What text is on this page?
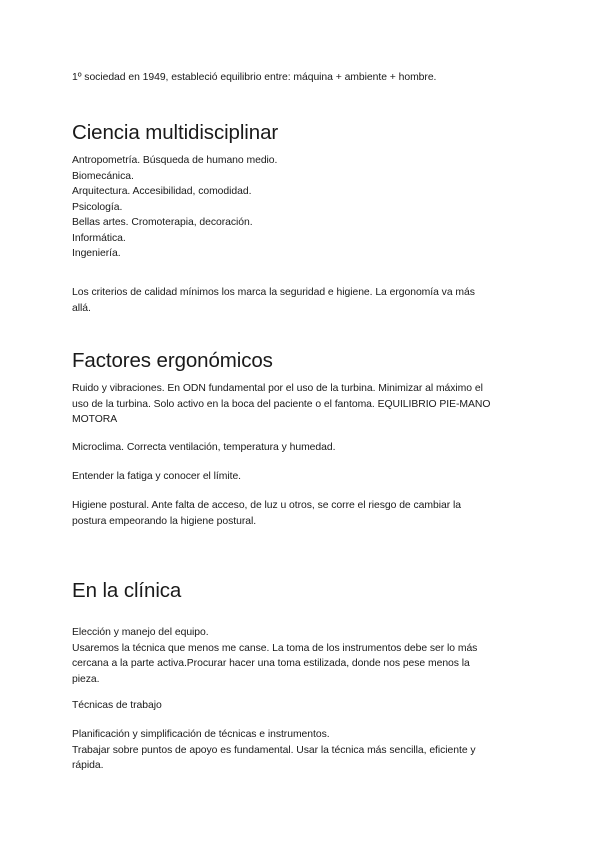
1º sociedad en 1949, estableció equilibrio entre: máquina + ambiente + hombre.
Ciencia multidisciplinar
Antropometría. Búsqueda de humano medio.
Biomecánica.
Arquitectura. Accesibilidad, comodidad.
Psicología.
Bellas artes. Cromoterapia, decoración.
Informática.
Ingeniería.
Los criterios de calidad mínimos los marca la seguridad e higiene. La ergonomía va más
allá.
Factores ergonómicos
Ruido y vibraciones. En ODN fundamental por el uso de la turbina. Minimizar al máximo el
uso de la turbina. Solo activo en la boca del paciente o el fantoma. EQUILIBRIO PIE-MANO
MOTORA
Microclima. Correcta ventilación, temperatura y humedad.
Entender la fatiga y conocer el límite.
Higiene postural. Ante falta de acceso, de luz u otros, se corre el riesgo de cambiar la
postura empeorando la higiene postural.
En la clínica
Elección y manejo del equipo.
Usaremos la técnica que menos me canse. La toma de los instrumentos debe ser lo más
cercana a la parte activa.Procurar hacer una toma estilizada, donde nos pese menos la
pieza.
Técnicas de trabajo
Planificación y simplificación de técnicas e instrumentos.
Trabajar sobre puntos de apoyo es fundamental. Usar la técnica más sencilla, eficiente y
rápida.
